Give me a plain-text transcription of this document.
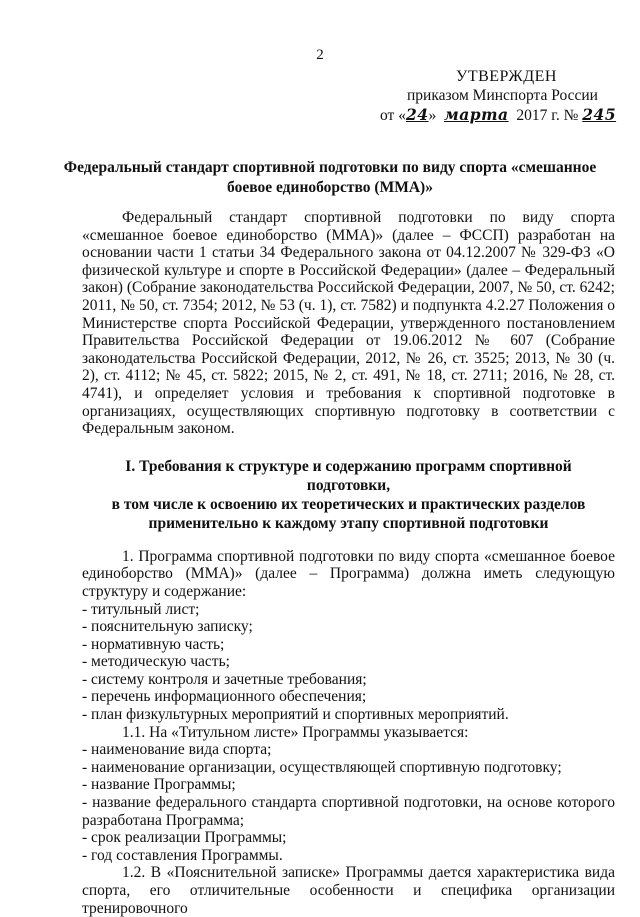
2
УТВЕРЖДЕН
приказом Минспорта России
от «24» марта 2017 г. № 245
Федеральный стандарт спортивной подготовки по виду спорта «смешанное боевое единоборство (ММА)»

Федеральный стандарт спортивной подготовки по виду спорта «смешанное боевое единоборство (ММА)» (далее – ФССП) разработан на основании части 1 статьи 34 Федерального закона от 04.12.2007 № 329-ФЗ «О физической культуре и спорте в Российской Федерации» (далее – Федеральный закон) (Собрание законодательства Российской Федерации, 2007, № 50, ст. 6242; 2011, № 50, ст. 7354; 2012, № 53 (ч. 1), ст. 7582) и подпункта 4.2.27 Положения о Министерстве спорта Российской Федерации, утвержденного постановлением Правительства Российской Федерации от 19.06.2012 № 607 (Собрание законодательства Российской Федерации, 2012, № 26, ст. 3525; 2013, № 30 (ч. 2), ст. 4112; № 45, ст. 5822; 2015, № 2, ст. 491, № 18, ст. 2711; 2016, № 28, ст. 4741), и определяет условия и требования к спортивной подготовке в организациях, осуществляющих спортивную подготовку в соответствии с Федеральным законом.

I. Требования к структуре и содержанию программ спортивной подготовки,
в том числе к освоению их теоретических и практических разделов
применительно к каждому этапу спортивной подготовки

1. Программа спортивной подготовки по виду спорта «смешанное боевое единоборство (ММА)» (далее – Программа) должна иметь следующую структуру и содержание:

- титульный лист;

- пояснительную записку;

- нормативную часть;

- методическую часть;

- систему контроля и зачетные требования;

- перечень информационного обеспечения;

- план физкультурных мероприятий и спортивных мероприятий.

1.1. На «Титульном листе» Программы указывается:

- наименование вида спорта;

- наименование организации, осуществляющей спортивную подготовку;

- название Программы;

- название федерального стандарта спортивной подготовки, на основе которого разработана Программа;

- срок реализации Программы;

- год составления Программы.

1.2. В «Пояснительной записке» Программы дается характеристика вида спорта, его отличительные особенности и специфика организации тренировочного
